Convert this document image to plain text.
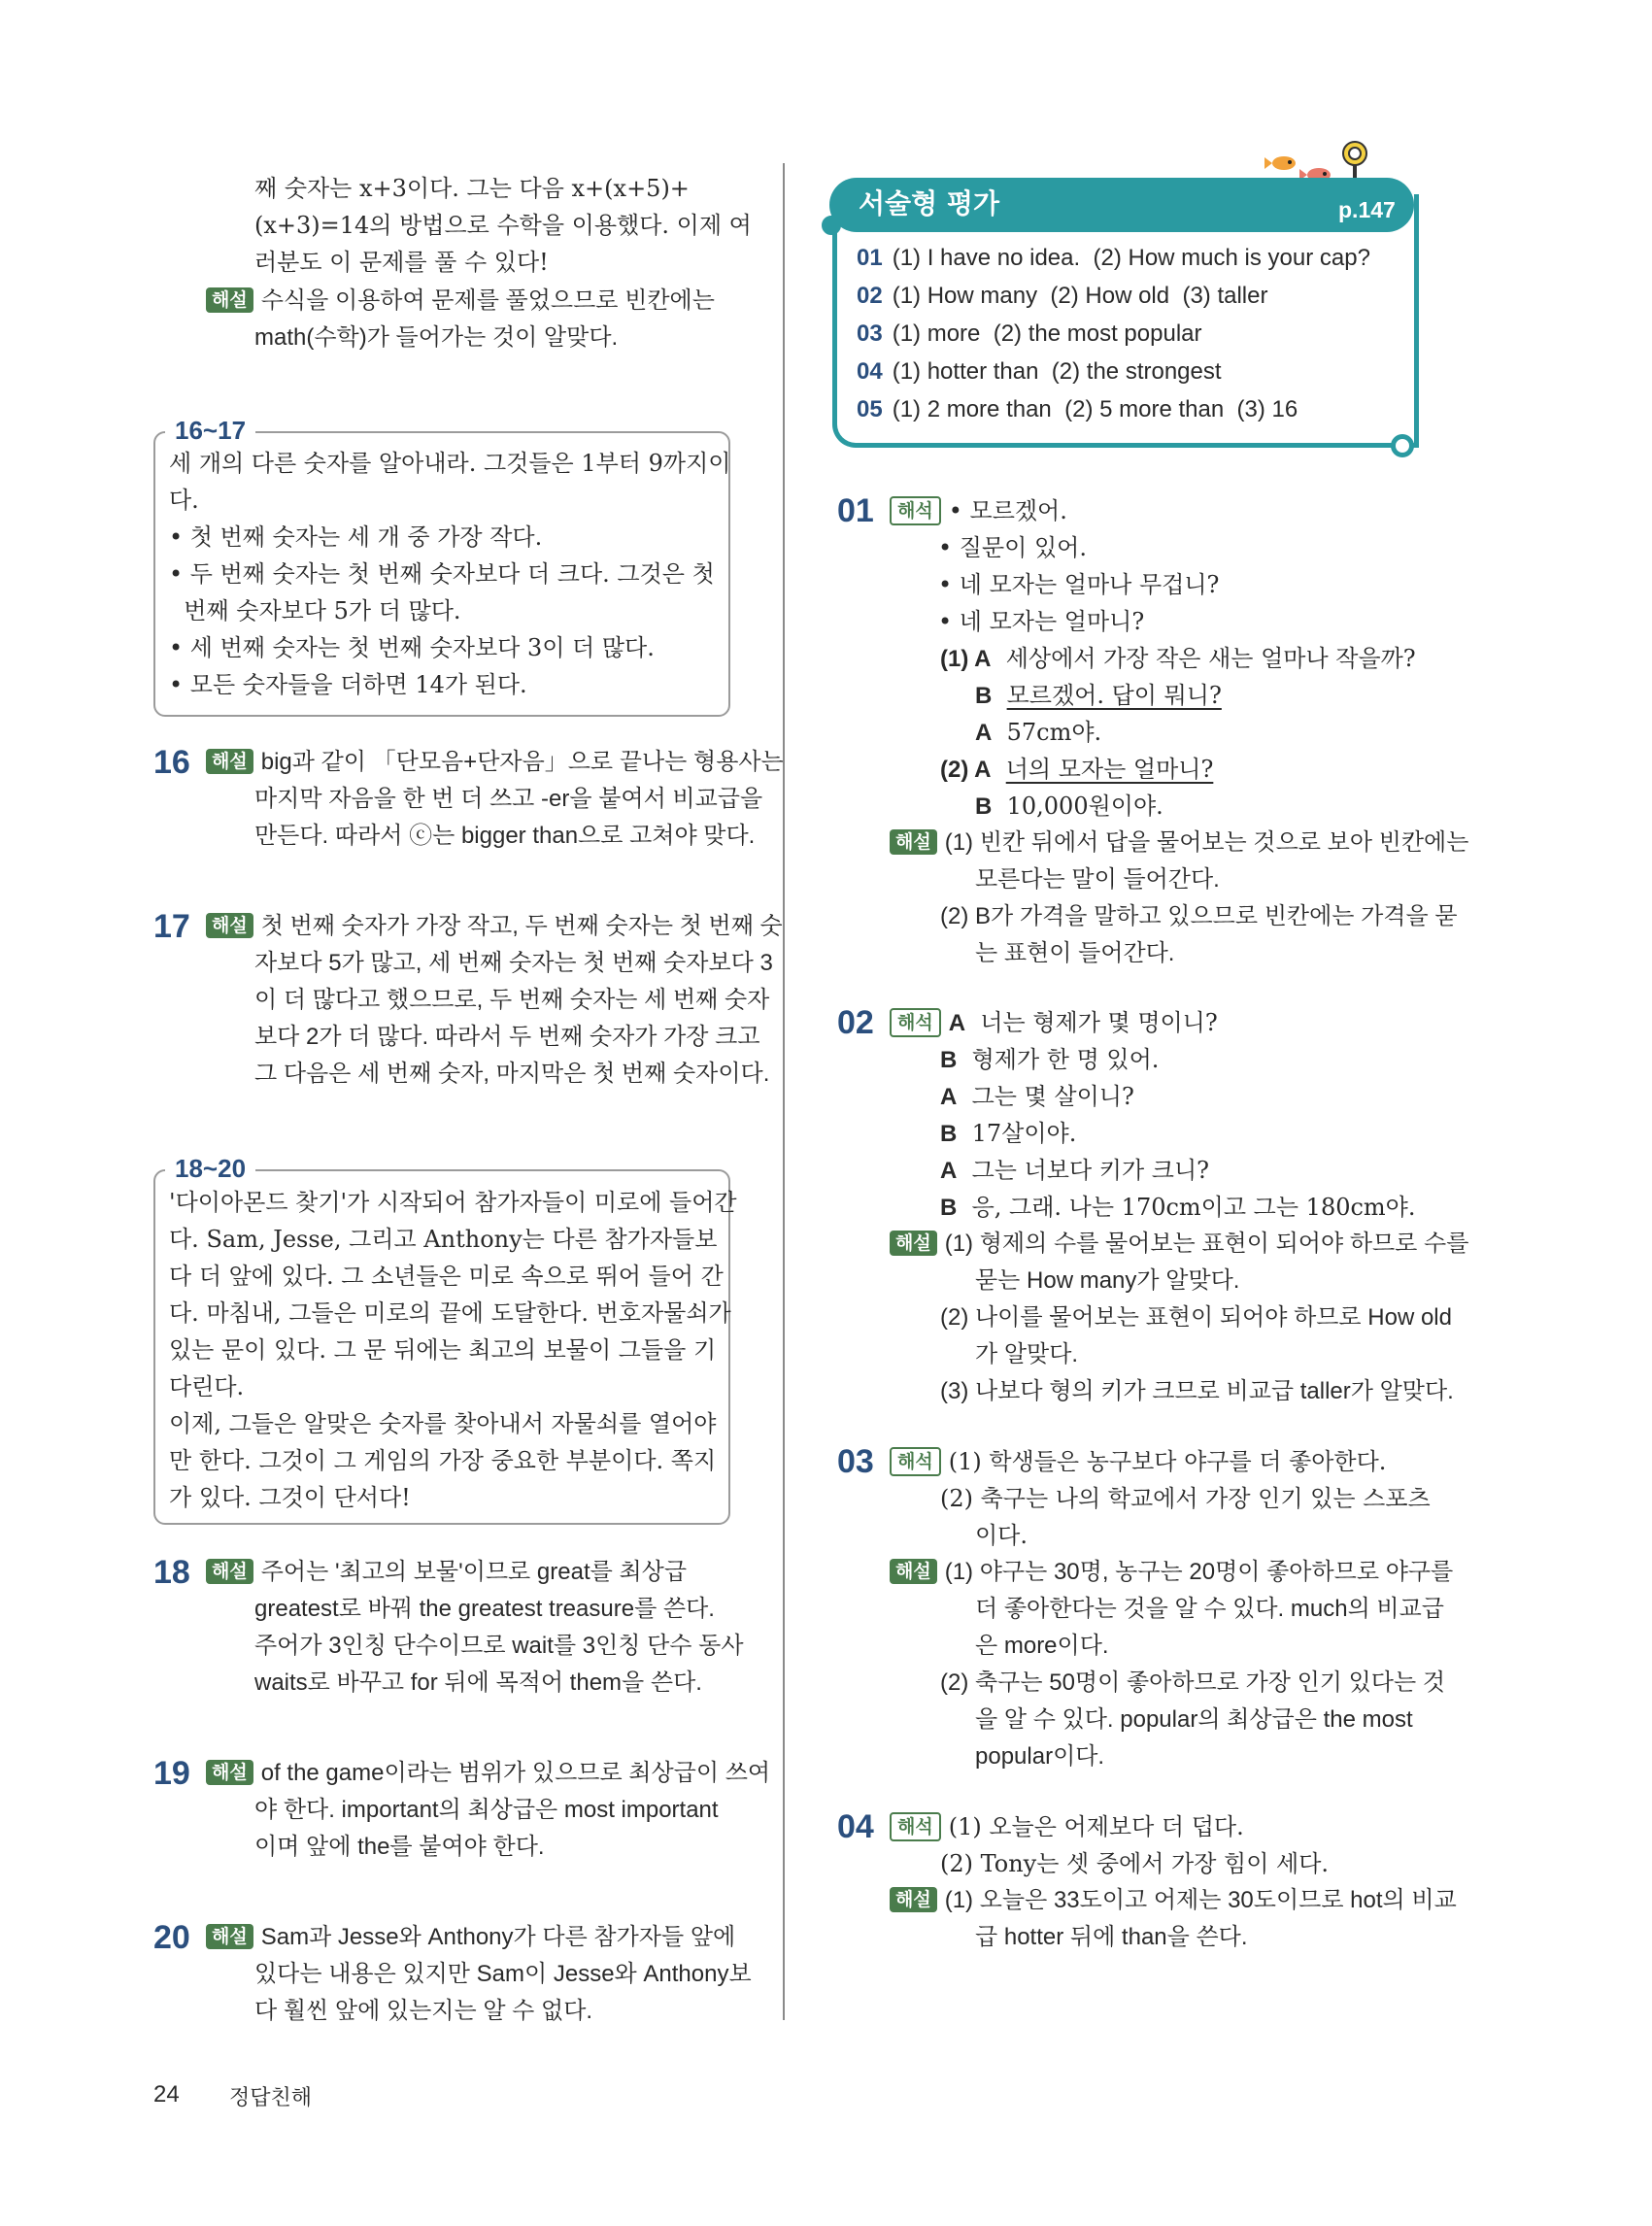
째 숫자는 x+3이다. 그는 다음 x+(x+5)+
(x+3)=14의 방법으로 수학을 이용했다. 이제 여
러분도 이 문제를 풀 수 있다!
해설 수식을 이용하여 문제를 풀었으므로 빈칸에는
math(수학)가 들어가는 것이 알맞다.
16~17
세 개의 다른 숫자를 알아내라. 그것들은 1부터 9까지이
다.
• 첫 번째 숫자는 세 개 중 가장 작다.
• 두 번째 숫자는 첫 번째 숫자보다 더 크다. 그것은 첫
번째 숫자보다 5가 더 많다.
• 세 번째 숫자는 첫 번째 숫자보다 3이 더 많다.
• 모든 숫자들을 더하면 14가 된다.
16	해설 big과 같이 「단모음+단자음」으로 끝나는 형용사는
마지막 자음을 한 번 더 쓰고 -er을 붙여서 비교급을
만든다. 따라서 ⓒ는 bigger than으로 고쳐야 맞다.
17	해설 첫 번째 숫자가 가장 작고, 두 번째 숫자는 첫 번째 숫
자보다 5가 많고, 세 번째 숫자는 첫 번째 숫자보다 3
이 더 많다고 했으므로, 두 번째 숫자는 세 번째 숫자
보다 2가 더 많다. 따라서 두 번째 숫자가 가장 크고
그 다음은 세 번째 숫자, 마지막은 첫 번째 숫자이다.
18~20
'다이아몬드 찾기'가 시작되어 참가자들이 미로에 들어간
다. Sam, Jesse, 그리고 Anthony는 다른 참가자들보
다 더 앞에 있다. 그 소년들은 미로 속으로 뛰어 들어 간
다. 마침내, 그들은 미로의 끝에 도달한다. 번호자물쇠가
있는 문이 있다. 그 문 뒤에는 최고의 보물이 그들을 기
다린다.
이제, 그들은 알맞은 숫자를 찾아내서 자물쇠를 열어야
만 한다. 그것이 그 게임의 가장 중요한 부분이다. 쪽지
가 있다. 그것이 단서다!
18	해설 주어는 '최고의 보물'이므로 great를 최상급
greatest로 바꿔 the greatest treasure를 쓴다.
주어가 3인칭 단수이므로 wait를 3인칭 단수 동사
waits로 바꾸고 for 뒤에 목적어 them을 쓴다.
19	해설 of the game이라는 범위가 있으므로 최상급이 쓰여
야 한다. important의 최상급은 most important
이며 앞에 the를 붙여야 한다.
20	해설 Sam과 Jesse와 Anthony가 다른 참가자들 앞에
있다는 내용은 있지만 Sam이 Jesse와 Anthony보
다 훨씬 앞에 있는지는 알 수 없다.
서술형 평가	p.147
01 (1) I have no idea.  (2) How much is your cap?
02 (1) How many  (2) How old  (3) taller
03 (1) more  (2) the most popular
04 (1) hotter than  (2) the strongest
05 (1) 2 more than  (2) 5 more than  (3) 16
01	해석 • 모르겠어.
• 질문이 있어.
• 네 모자는 얼마나 무겁니?
• 네 모자는 얼마니?
(1) A 세상에서 가장 작은 새는 얼마나 작을까?
B 모르겠어. 답이 뭐니?
A 57cm야.
(2) A 너의 모자는 얼마니?
B 10,000원이야.
해설 (1) 빈칸 뒤에서 답을 물어보는 것으로 보아 빈칸에는
모른다는 말이 들어간다.
(2) B가 가격을 말하고 있으므로 빈칸에는 가격을 묻
는 표현이 들어간다.
02	해석 A 너는 형제가 몇 명이니?
B 형제가 한 명 있어.
A 그는 몇 살이니?
B 17살이야.
A 그는 너보다 키가 크니?
B 응, 그래. 나는 170cm이고 그는 180cm야.
해설 (1) 형제의 수를 물어보는 표현이 되어야 하므로 수를
묻는 How many가 알맞다.
(2) 나이를 물어보는 표현이 되어야 하므로 How old
가 알맞다.
(3) 나보다 형의 키가 크므로 비교급 taller가 알맞다.
03	해석 (1) 학생들은 농구보다 야구를 더 좋아한다.
(2) 축구는 나의 학교에서 가장 인기 있는 스포츠
이다.
해설 (1) 야구는 30명, 농구는 20명이 좋아하므로 야구를
더 좋아한다는 것을 알 수 있다. much의 비교급
은 more이다.
(2) 축구는 50명이 좋아하므로 가장 인기 있다는 것
을 알 수 있다. popular의 최상급은 the most
popular이다.
04	해석 (1) 오늘은 어제보다 더 덥다.
(2) Tony는 셋 중에서 가장 힘이 세다.
해설 (1) 오늘은 33도이고 어제는 30도이므로 hot의 비교
급 hotter 뒤에 than을 쓴다.
24 정답친해
